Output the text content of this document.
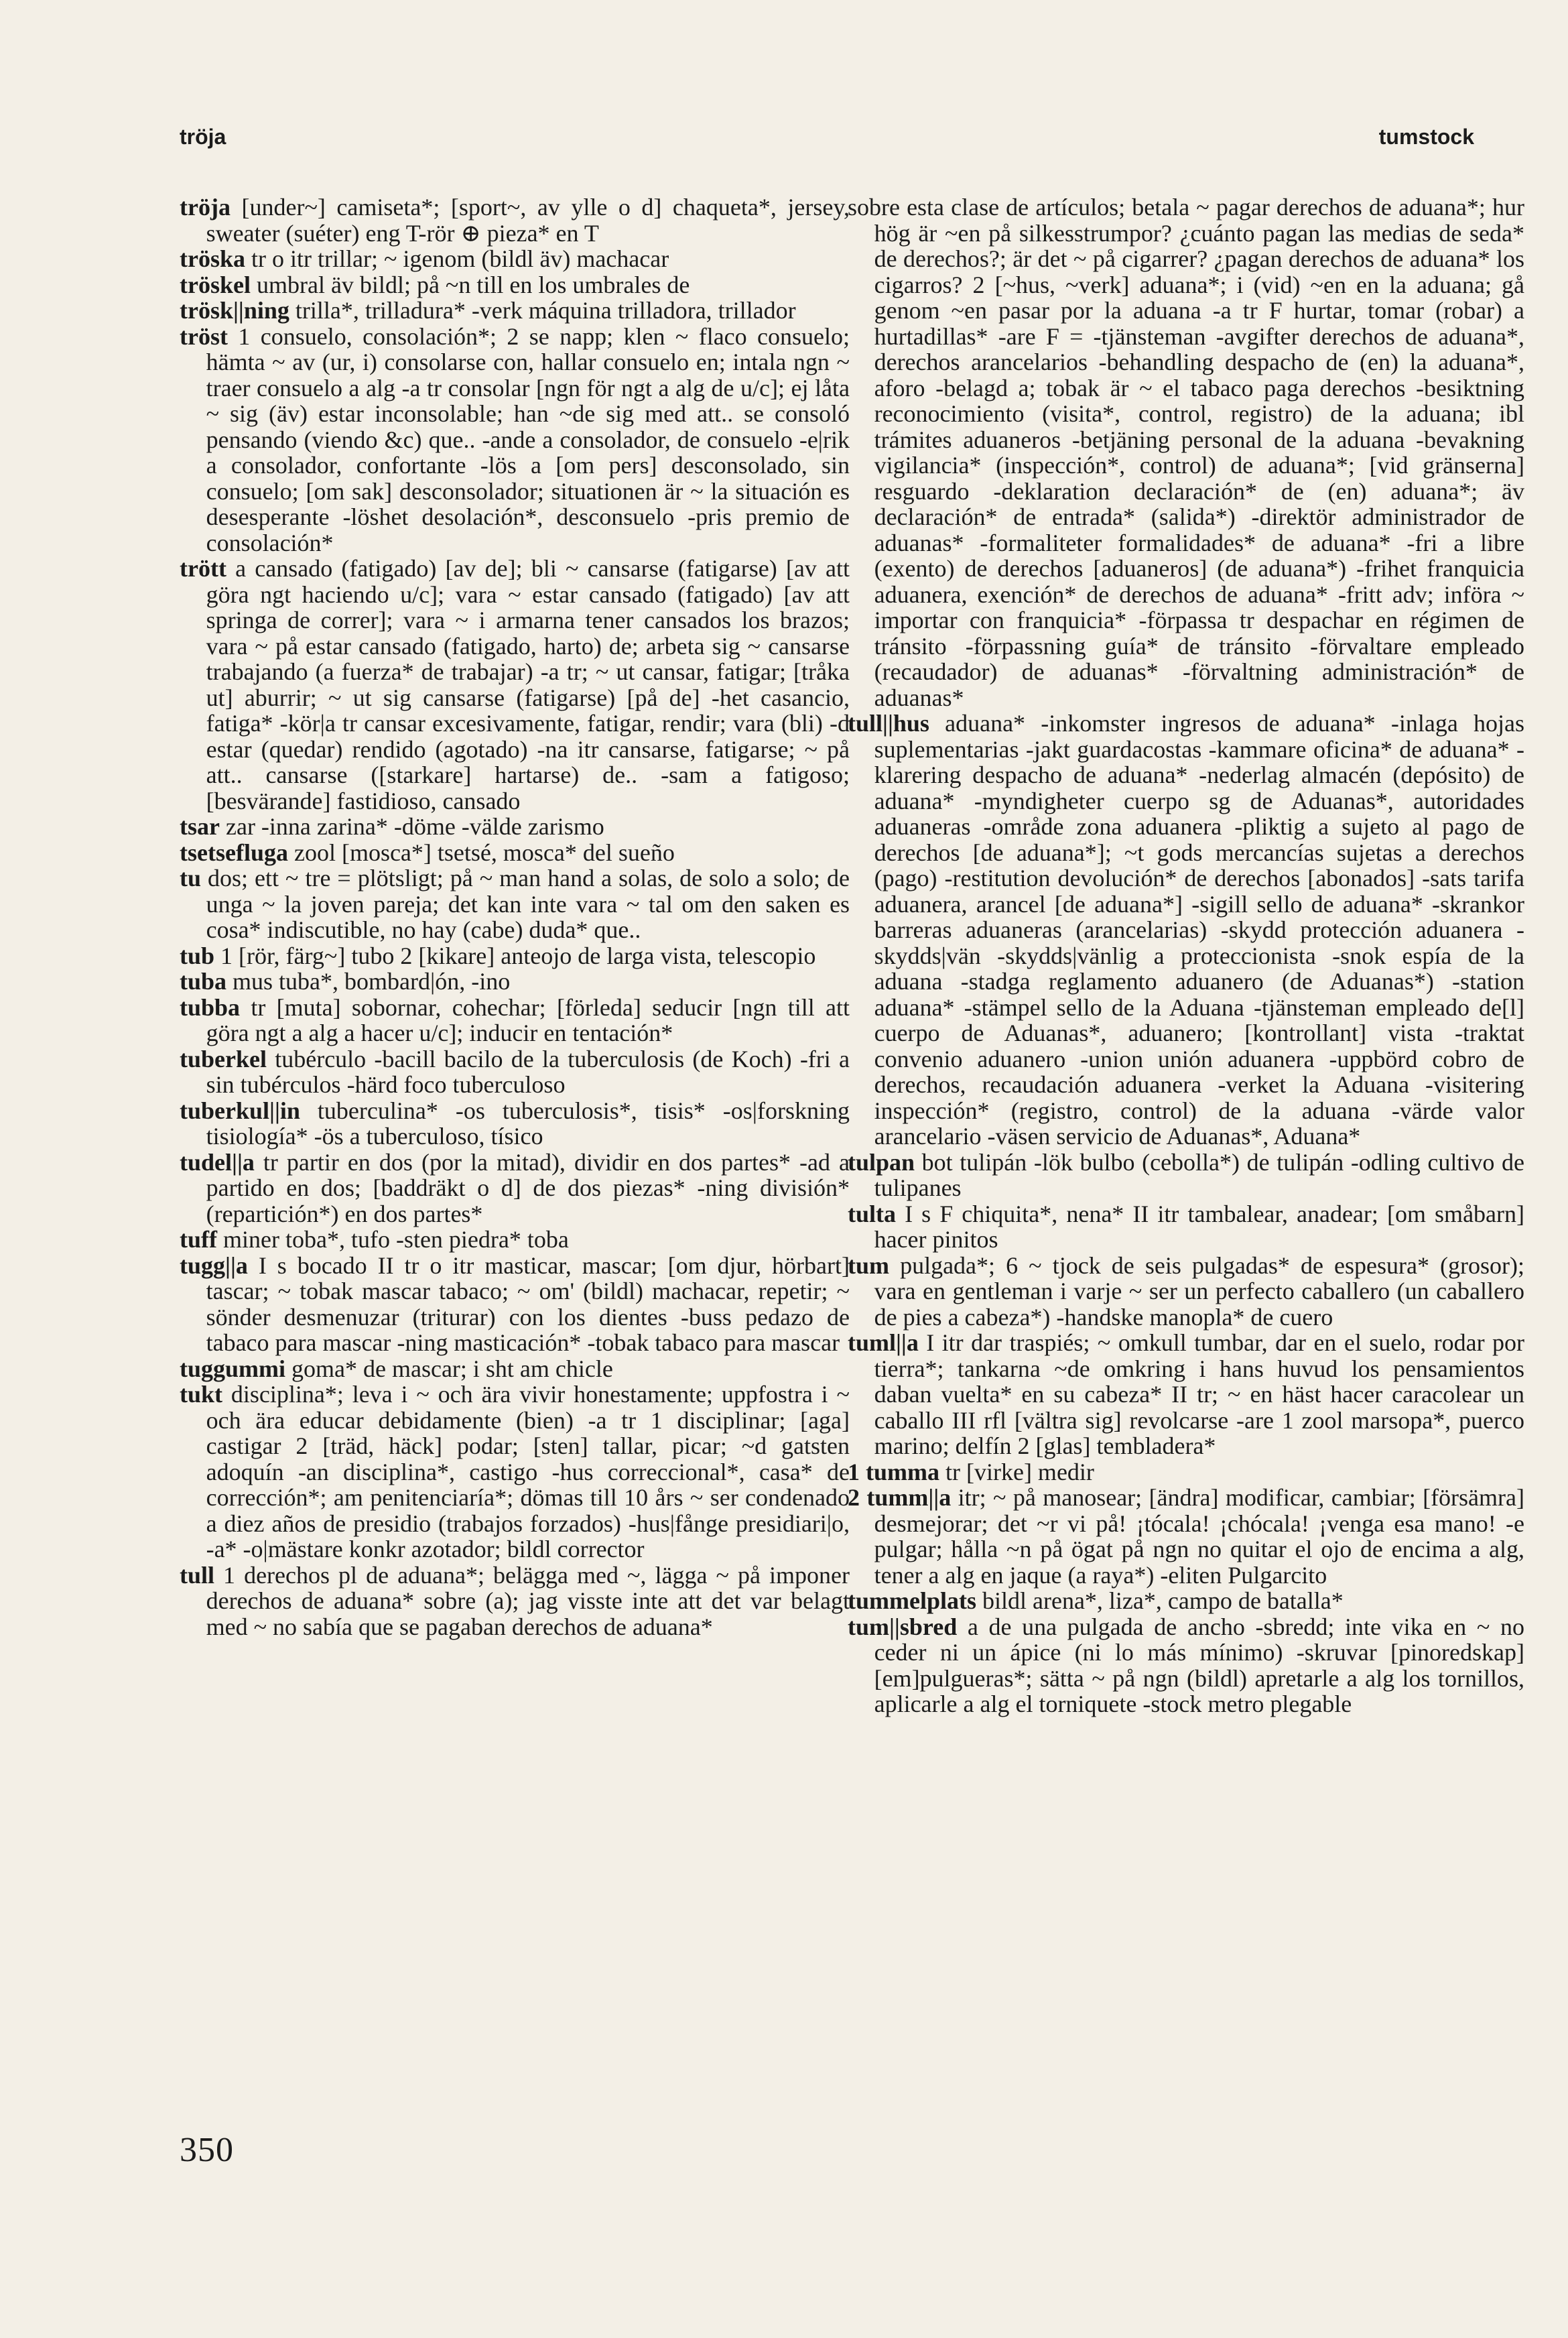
tröja	tumstock

tröja [under~] camiseta*; [sport~, av ylle o d] chaqueta*, jersey, sweater (suéter) eng T-rör ⊕ pieza* en T

tröska tr o itr trillar; ~ igenom (bildl äv) machacar

tröskel umbral äv bildl; på ~n till en los umbrales de

trösk||ning trilla*, trilladura* -verk máquina trilladora, trillador

tröst 1 consuelo, consolación*; 2 se napp; klen ~ flaco consuelo; hämta ~ av (ur, i) consolarse con, hallar consuelo en; intala ngn ~ traer consuelo a alg -a tr consolar [ngn för ngt a alg de u/c]; ej låta ~ sig (äv) estar inconsolable; han ~de sig med att.. se consoló pensando (viendo &c) que.. -ande a consolador, de consuelo -e|rik a consolador, confortante -lös a [om pers] desconsolado, sin consuelo; [om sak] desconsolador; situationen är ~ la situación es desesperante -löshet desolación*, desconsuelo -pris premio de consolación*

trött a cansado (fatigado) [av de]; bli ~ cansarse (fatigarse) [av att göra ngt haciendo u/c]; vara ~ estar cansado (fatigado) [av att springa de correr]; vara ~ i armarna tener cansados los brazos; vara ~ på estar cansado (fatigado, harto) de; arbeta sig ~ cansarse trabajando (a fuerza* de trabajar) -a tr; ~ ut cansar, fatigar; [tråka ut] aburrir; ~ ut sig cansarse (fatigarse) [på de] -het casancio, fatiga* -kör|a tr cansar excesivamente, fatigar, rendir; vara (bli) -d estar (quedar) rendido (agotado) -na itr cansarse, fatigarse; ~ på att.. cansarse ([starkare] hartarse) de.. -sam a fatigoso; [besvärande] fastidioso, cansado

tsar zar -inna zarina* -döme -välde zarismo

tsetsefluga zool [mosca*] tsetsé, mosca* del sueño

tu dos; ett ~ tre = plötsligt; på ~ man hand a solas, de solo a solo; de unga ~ la joven pareja; det kan inte vara ~ tal om den saken es cosa* indiscutible, no hay (cabe) duda* que..

tub 1 [rör, färg~] tubo 2 [kikare] anteojo de larga vista, telescopio

tuba mus tuba*, bombard|ón, -ino

tubba tr [muta] sobornar, cohechar; [förleda] seducir [ngn till att göra ngt a alg a hacer u/c]; inducir en tentación*

tuberkel tubérculo -bacill bacilo de la tuberculosis (de Koch) -fri a sin tubérculos -härd foco tuberculoso

tuberkul||in tuberculina* -os tuberculosis*, tisis* -os|forskning tisiología* -ös a tuberculoso, tísico

tudel||a tr partir en dos (por la mitad), dividir en dos partes* -ad a partido en dos; [baddräkt o d] de dos piezas* -ning división* (repartición*) en dos partes*

tuff miner toba*, tufo -sten piedra* toba

tugg||a I s bocado II tr o itr masticar, mascar; [om djur, hörbart] tascar; ~ tobak mascar tabaco; ~ om' (bildl) machacar, repetir; ~ sönder desmenuzar (triturar) con los dientes -buss pedazo de tabaco para mascar -ning masticación* -tobak tabaco para mascar

tuggummi goma* de mascar; i sht am chicle

tukt disciplina*; leva i ~ och ära vivir honestamente; uppfostra i ~ och ära educar debidamente (bien) -a tr 1 disciplinar; [aga] castigar 2 [träd, häck] podar; [sten] tallar, picar; ~d gatsten adoquín -an disciplina*, castigo -hus correccional*, casa* de corrección*; am penitenciaría*; dömas till 10 års ~ ser condenado a diez años de presidio (trabajos forzados) -hus|fånge presidiari|o, -a* -o|mästare konkr azotador; bildl corrector

tull 1 derechos pl de aduana*; belägga med ~, lägga ~ på imponer derechos de aduana* sobre (a); jag visste inte att det var belagt med ~ no sabía que se pagaban derechos de aduana*

sobre esta clase de artículos; betala ~ pagar derechos de aduana*; hur hög är ~en på silkesstrumpor? ¿cuánto pagan las medias de seda* de derechos?; är det ~ på cigarrer? ¿pagan derechos de aduana* los cigarros? 2 [~hus, ~verk] aduana*; i (vid) ~en en la aduana; gå genom ~en pasar por la aduana -a tr F hurtar, tomar (robar) a hurtadillas* -are F = -tjänsteman -avgifter derechos de aduana*, derechos arancelarios -behandling despacho de (en) la aduana*, aforo -belagd a; tobak är ~ el tabaco paga derechos -besiktning reconocimiento (visita*, control, registro) de la aduana; ibl trámites aduaneros -betjäning personal de la aduana -bevakning vigilancia* (inspección*, control) de aduana*; [vid gränserna] resguardo -deklaration declaración* de (en) aduana*; äv declaración* de entrada* (salida*) -direktör administrador de aduanas* -formaliteter formalidades* de aduana* -fri a libre (exento) de derechos [aduaneros] (de aduana*) -frihet franquicia aduanera, exención* de derechos de aduana* -fritt adv; införa ~ importar con franquicia* -förpassa tr despachar en régimen de tránsito -förpassning guía* de tránsito -förvaltare empleado (recaudador) de aduanas* -förvaltning administración* de aduanas*

tull||hus aduana* -inkomster ingresos de aduana* -inlaga hojas suplementarias -jakt guardacostas -kammare oficina* de aduana* -klarering despacho de aduana* -nederlag almacén (depósito) de aduana* -myndigheter cuerpo sg de Aduanas*, autoridades aduaneras -område zona aduanera -pliktig a sujeto al pago de derechos [de aduana*]; ~t gods mercancías sujetas a derechos (pago) -restitution devolución* de derechos [abonados] -sats tarifa aduanera, arancel [de aduana*] -sigill sello de aduana* -skrankor barreras aduaneras (arancelarias) -skydd protección aduanera -skydds|vän -skydds|vänlig a proteccionista -snok espía de la aduana -stadga reglamento aduanero (de Aduanas*) -station aduana* -stämpel sello de la Aduana -tjänsteman empleado de[l] cuerpo de Aduanas*, aduanero; [kontrollant] vista -traktat convenio aduanero -union unión aduanera -uppbörd cobro de derechos, recaudación aduanera -verket la Aduana -visitering inspección* (registro, control) de la aduana -värde valor arancelario -väsen servicio de Aduanas*, Aduana*

tulpan bot tulipán -lök bulbo (cebolla*) de tulipán -odling cultivo de tulipanes

tulta I s F chiquita*, nena* II itr tambalear, anadear; [om småbarn] hacer pinitos

tum pulgada*; 6 ~ tjock de seis pulgadas* de espesura* (grosor); vara en gentleman i varje ~ ser un perfecto caballero (un caballero de pies a cabeza*) -handske manopla* de cuero

tuml||a I itr dar traspiés; ~ omkull tumbar, dar en el suelo, rodar por tierra*; tankarna ~de omkring i hans huvud los pensamientos daban vuelta* en su cabeza* II tr; ~ en häst hacer caracolear un caballo III rfl [vältra sig] revolcarse -are 1 zool marsopa*, puerco marino; delfín 2 [glas] tembladera*

1 tumma tr [virke] medir

2 tumm||a itr; ~ på manosear; [ändra] modificar, cambiar; [försämra] desmejorar; det ~r vi på! ¡tócala! ¡chócala! ¡venga esa mano! -e pulgar; hålla ~n på ögat på ngn no quitar el ojo de encima a alg, tener a alg en jaque (a raya*) -eliten Pulgarcito

tummelplats bildl arena*, liza*, campo de batalla*

tum||sbred a de una pulgada de ancho -sbredd; inte vika en ~ no ceder ni un ápice (ni lo más mínimo) -skruvar [pinoredskap] [em]pulgueras*; sätta ~ på ngn (bildl) apretarle a alg los tornillos, aplicarle a alg el torniquete -stock metro plegable

350
